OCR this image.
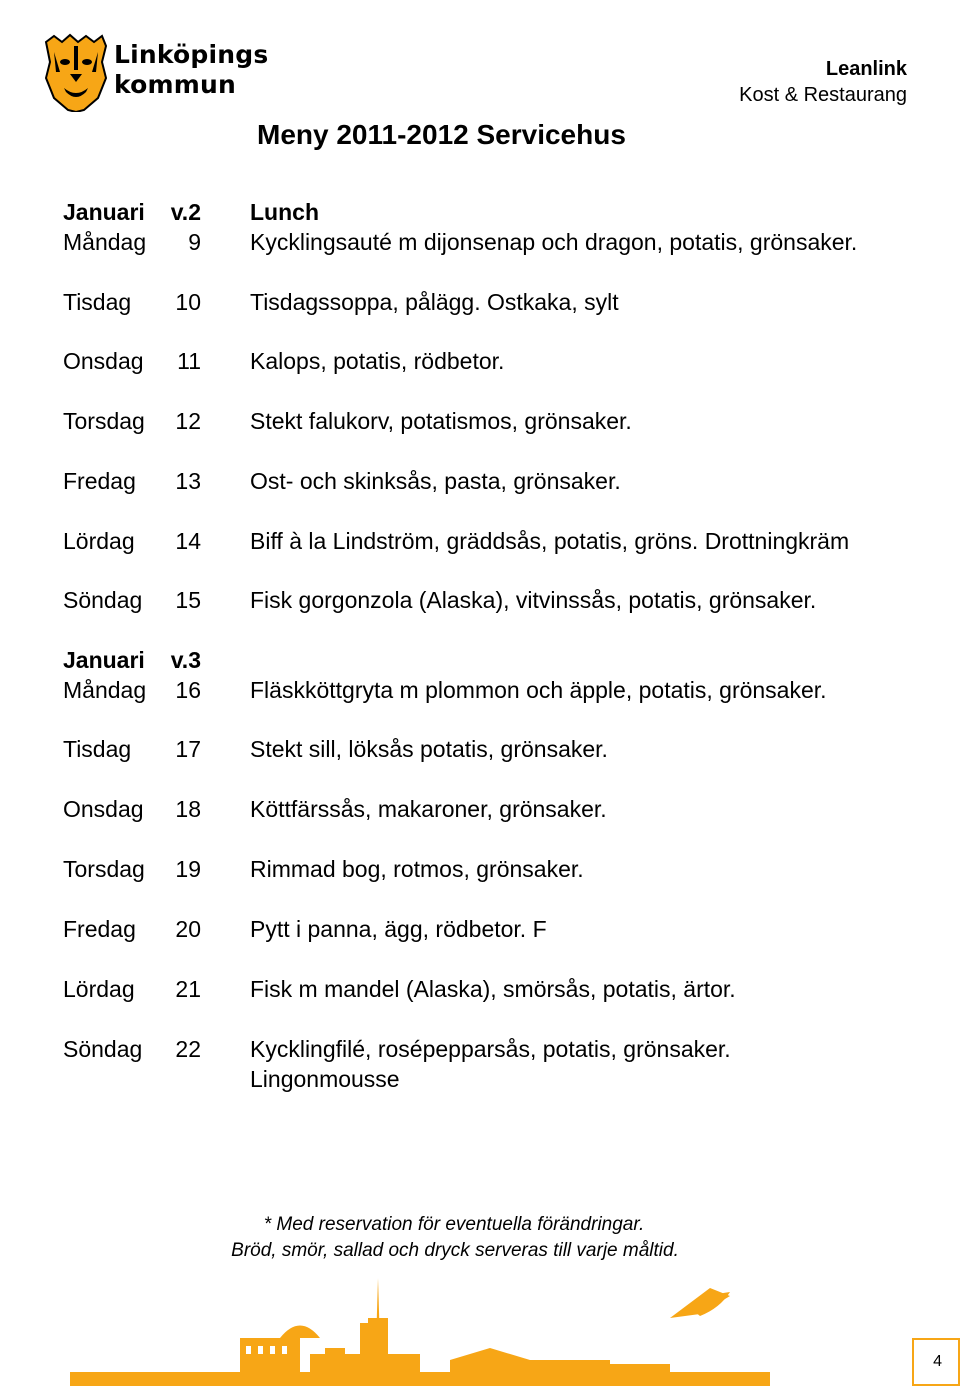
Linköpings
kommun
Leanlink
Kost & Restaurang
Meny 2011-2012 Servicehus
Januari	v.2 Lunch
Måndag	9 Kycklingsauté m dijonsenap och dragon, potatis, grönsaker.
Tisdag	10 Tisdagssoppa, pålägg. Ostkaka, sylt
Onsdag	11 Kalops, potatis, rödbetor.
Torsdag	12 Stekt falukorv, potatismos, grönsaker.
Fredag	13 Ost- och skinksås, pasta, grönsaker.
Lördag	14 Biff à la Lindström, gräddsås, potatis, gröns. Drottningkräm
Söndag	15 Fisk gorgonzola (Alaska), vitvinssås, potatis, grönsaker.
Januari	v.3
Måndag	16 Fläskköttgryta m plommon och äpple, potatis, grönsaker.
Tisdag	17 Stekt sill, löksås potatis, grönsaker.
Onsdag	18 Köttfärssås, makaroner, grönsaker.
Torsdag	19 Rimmad bog, rotmos, grönsaker.
Fredag	20 Pytt i panna, ägg, rödbetor. F
Lördag	21 Fisk m mandel (Alaska), smörsås, potatis, ärtor.
Söndag	22 Kycklingfilé, rosépepparsås, potatis, grönsaker.
Lingonmousse
* Med reservation för eventuella förändringar.
Bröd, smör, sallad och dryck serveras till varje måltid.
4
